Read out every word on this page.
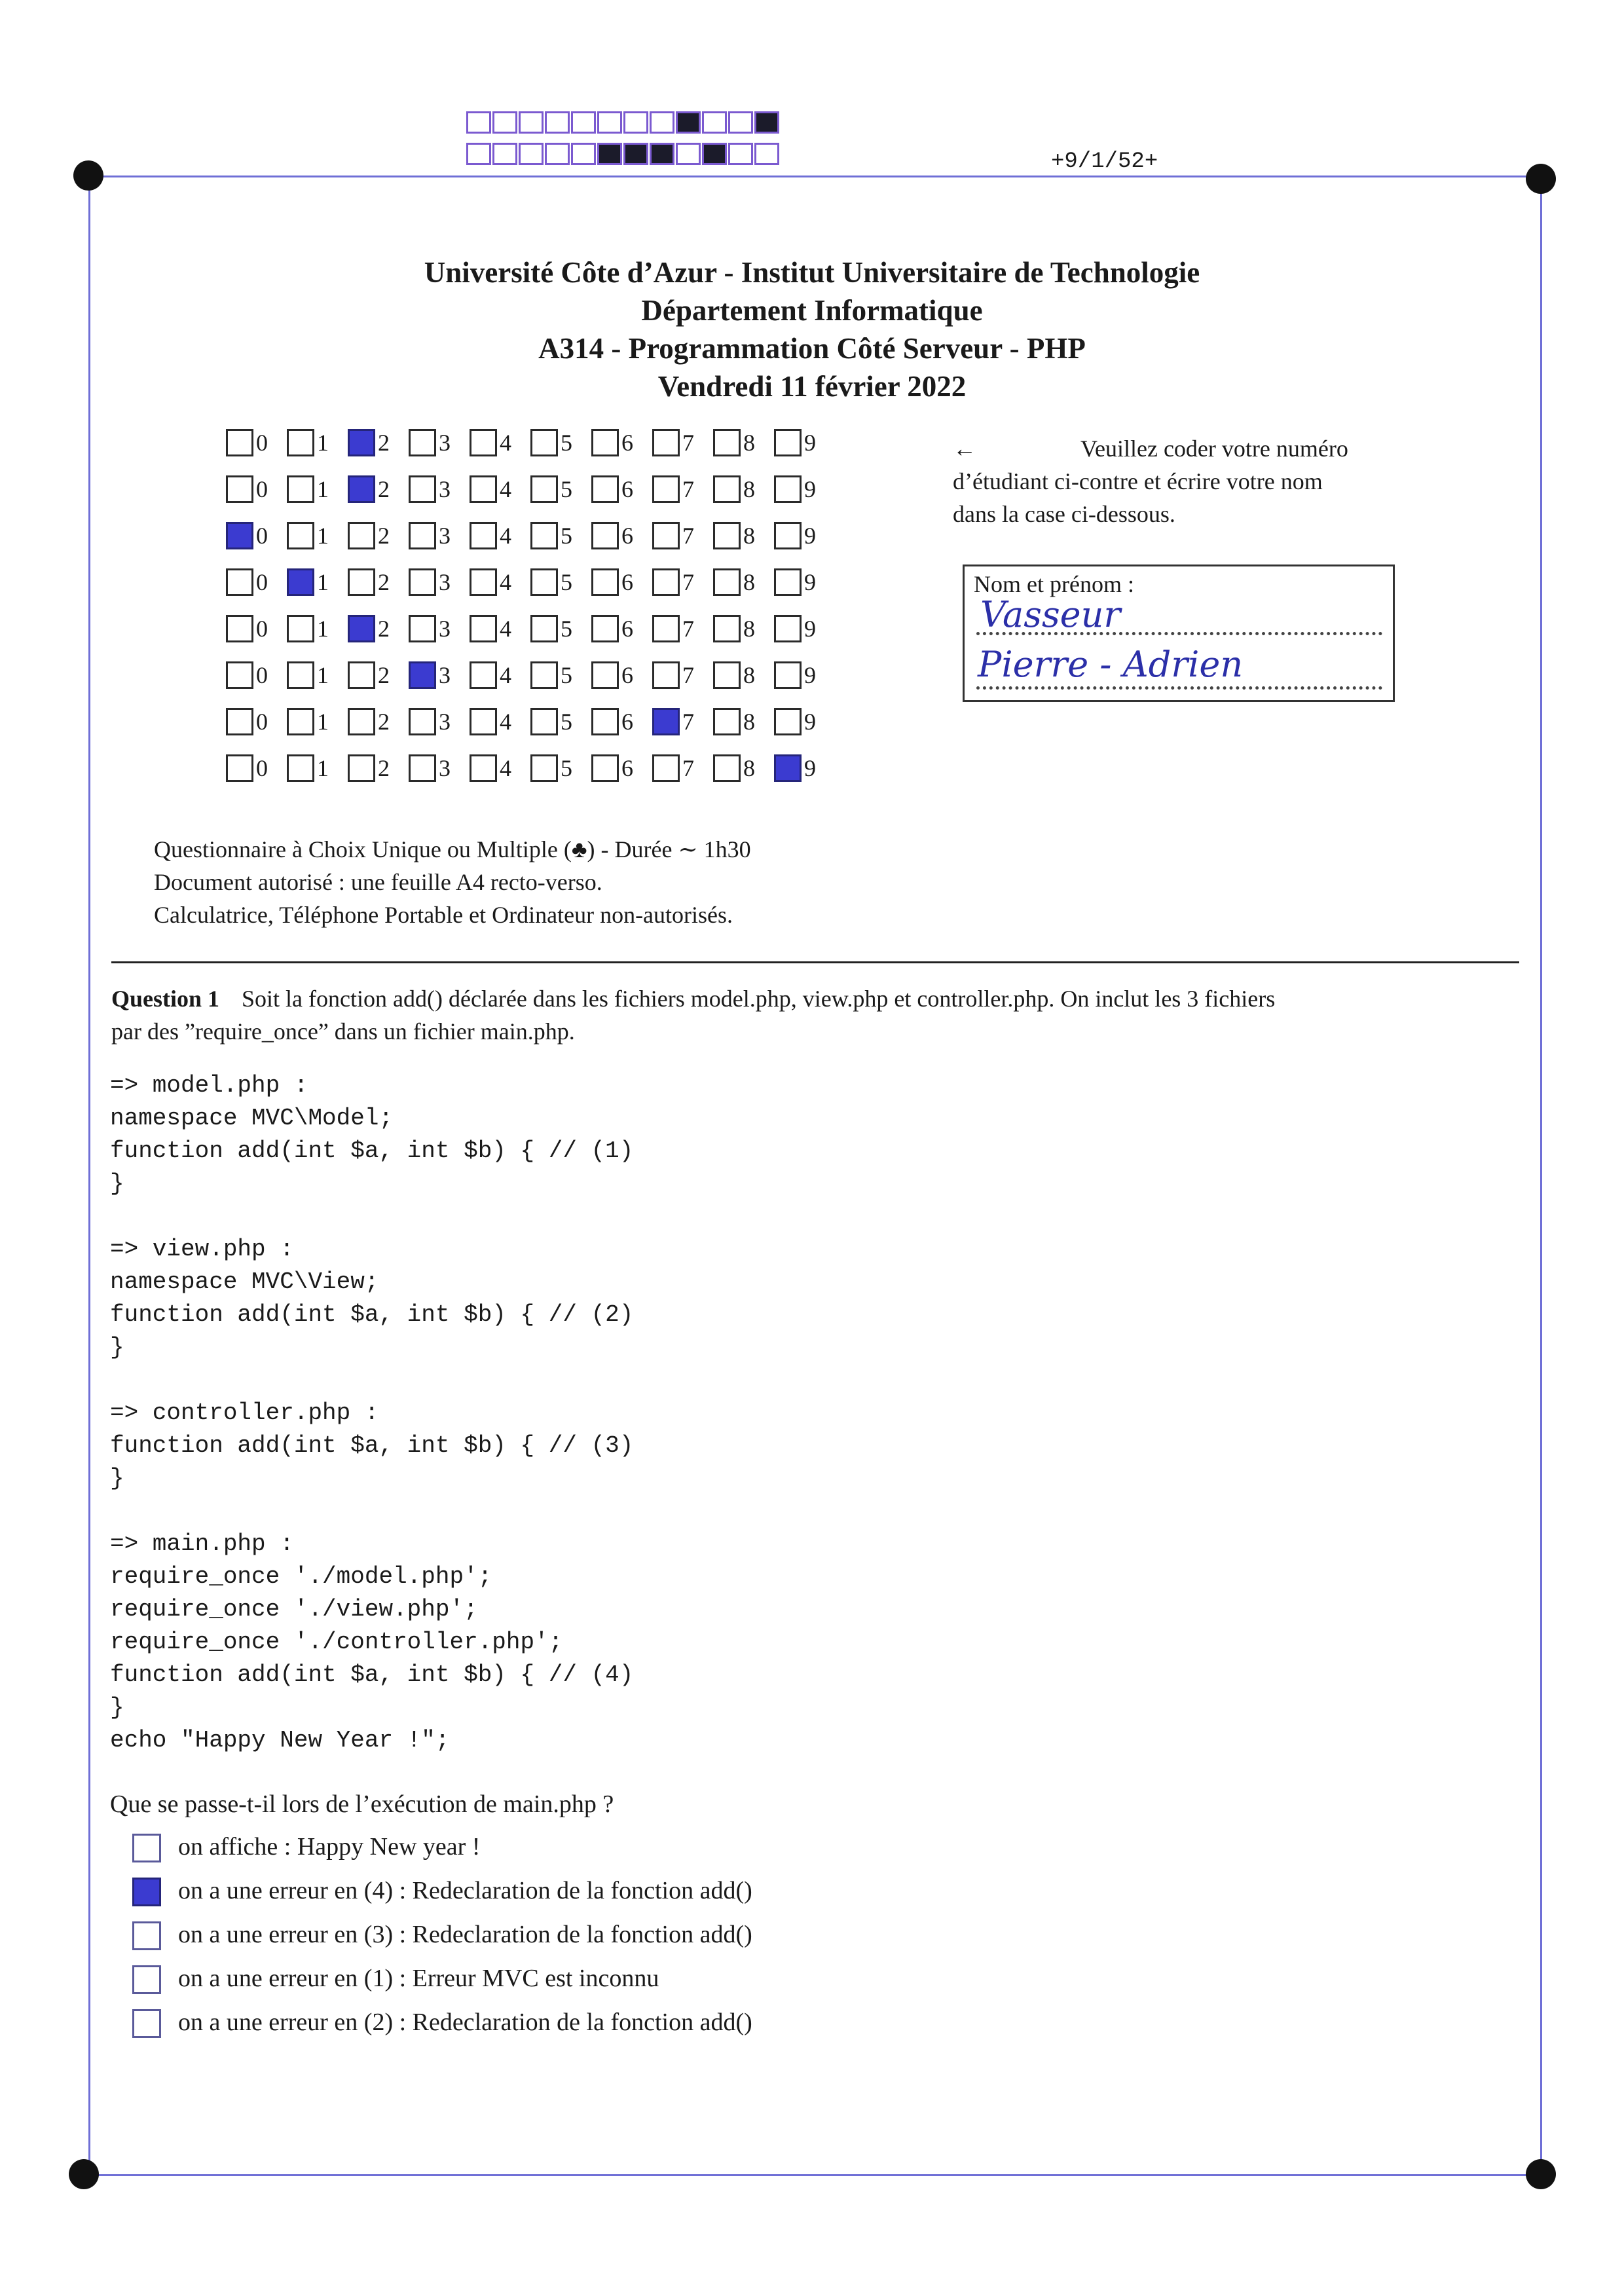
+9/1/52+
Université Côte d’Azur - Institut Universitaire de Technologie
Département Informatique
A314 - Programmation Côté Serveur - PHP
Vendredi 11 février 2022
0 1 2 3 4 5 6 7 8 9
0 1 2 3 4 5 6 7 8 9
0 1 2 3 4 5 6 7 8 9
0 1 2 3 4 5 6 7 8 9
0 1 2 3 4 5 6 7 8 9
0 1 2 3 4 5 6 7 8 9
0 1 2 3 4 5 6 7 8 9
0 1 2 3 4 5 6 7 8 9
←	Veuillez coder votre numéro
d’étudiant ci-contre et écrire votre nom
dans la case ci-dessous.
Nom et prénom :
Vasseur
Pierre - Adrien
Questionnaire à Choix Unique ou Multiple (♣) - Durée ∼ 1h30
Document autorisé : une feuille A4 recto-verso.
Calculatrice, Téléphone Portable et Ordinateur non-autorisés.
Question 1 Soit la fonction add() déclarée dans les fichiers model.php, view.php et controller.php. On inclut les 3 fichiers
par des ”require_once” dans un fichier main.php.
=> model.php :
namespace MVC\Model;
function add(int $a, int $b) { // (1)
}

=> view.php :
namespace MVC\View;
function add(int $a, int $b) { // (2)
}

=> controller.php :
function add(int $a, int $b) { // (3)
}

=> main.php :
require_once './model.php';
require_once './view.php';
require_once './controller.php';
function add(int $a, int $b) { // (4)
}
echo "Happy New Year !";
Que se passe-t-il lors de l’exécution de main.php ?
on affiche : Happy New year !
on a une erreur en (4) : Redeclaration de la fonction add()
on a une erreur en (3) : Redeclaration de la fonction add()
on a une erreur en (1) : Erreur MVC est inconnu
on a une erreur en (2) : Redeclaration de la fonction add()
